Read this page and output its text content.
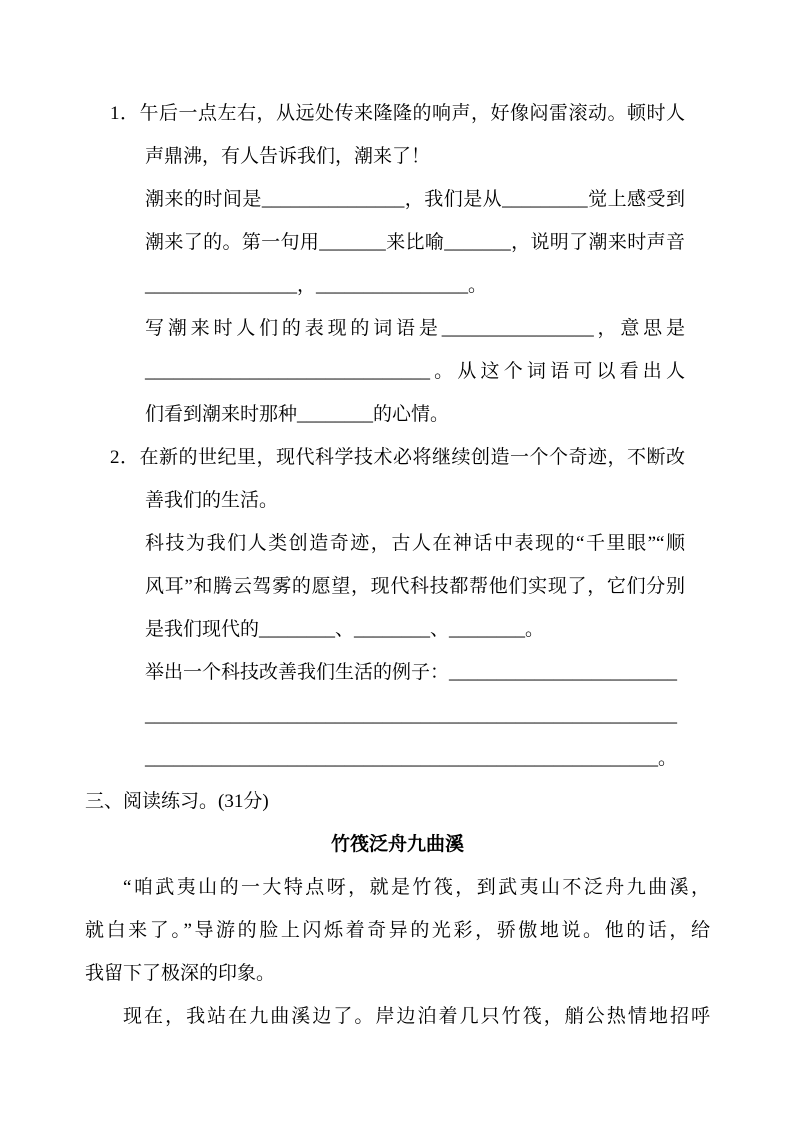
1．午后一点左右，从远处传来隆隆的响声，好像闷雷滚动。顿时人
声鼎沸，有人告诉我们，潮来了！
潮来的时间是_______________，我们是从_________觉上感受到
潮来了的。第一句用_______来比喻_______，说明了潮来时声音
________________，________________。
写潮来时人们的表现的词语是________________，意思是
______________________________。从这个词语可以看出人
们看到潮来时那种________的心情。
2．在新的世纪里，现代科学技术必将继续创造一个个奇迹，不断改
善我们的生活。
科技为我们人类创造奇迹，古人在神话中表现的“千里眼”“顺
风耳”和腾云驾雾的愿望，现代科技都帮他们实现了，它们分别
是我们现代的________、________、________。
举出一个科技改善我们生活的例子：________________________
________________________________________________________
______________________________________________________。
三、阅读练习。(31分)
竹筏泛舟九曲溪
“咱武夷山的一大特点呀，就是竹筏，到武夷山不泛舟九曲溪，
就白来了。”导游的脸上闪烁着奇异的光彩，骄傲地说。他的话，给
我留下了极深的印象。
现在，我站在九曲溪边了。岸边泊着几只竹筏，艄公热情地招呼
